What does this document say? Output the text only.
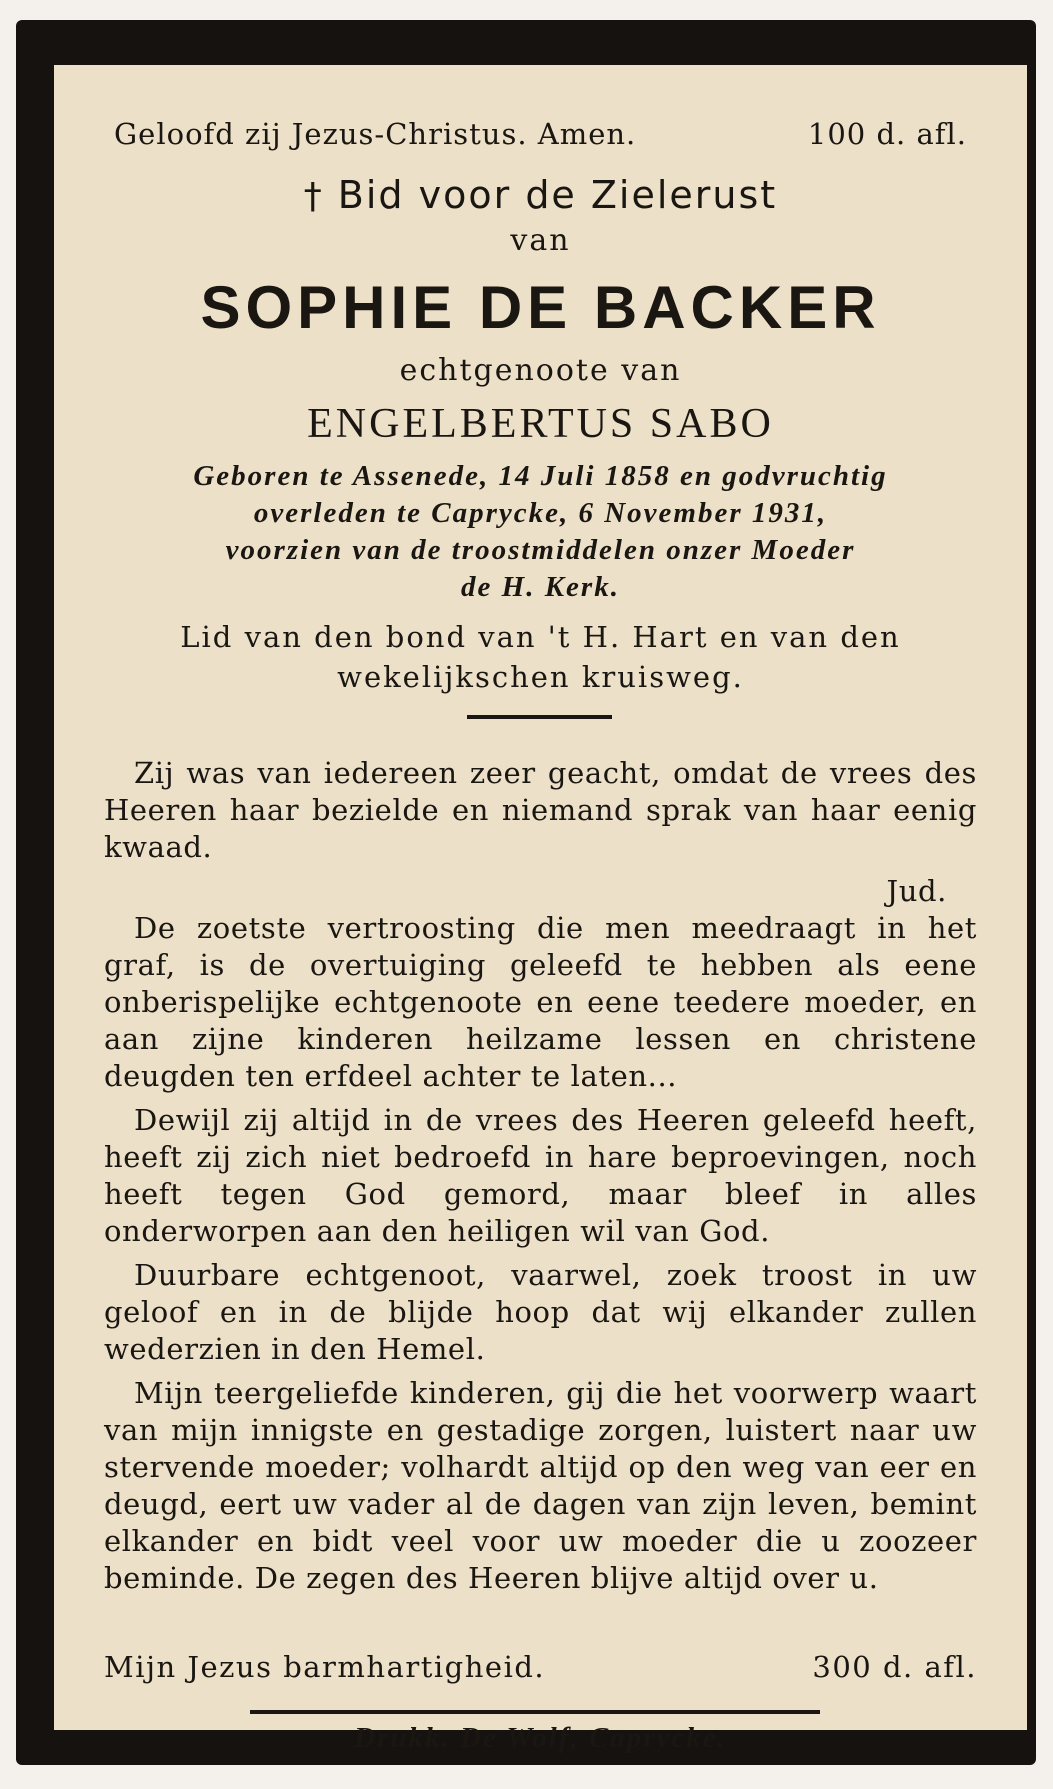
Geloofd zij Jezus-Christus. Amen.	100 d. afl.
† Bid voor de Zielerust
van
SOPHIE DE BACKER
echtgenoote van
ENGELBERTUS SABO
Geboren te Assenede, 14 Juli 1858 en godvruchtig
overleden te Caprycke, 6 November 1931,
voorzien van de troostmiddelen onzer Moeder
de H. Kerk.
Lid van den bond van 't H. Hart en van den
wekelijkschen kruisweg.

Zij was van iedereen zeer geacht, omdat de vrees des Heeren haar bezielde en niemand sprak van haar eenig kwaad.

Jud.

De zoetste vertroosting die men meedraagt in het graf, is de overtuiging geleefd te hebben als eene onberispelijke echtgenoote en eene teedere moeder, en aan zijne kinderen heilzame lessen en christene deugden ten erfdeel achter te laten...

Dewijl zij altijd in de vrees des Heeren geleefd heeft, heeft zij zich niet bedroefd in hare beproevingen, noch heeft tegen God gemord, maar bleef in alles onderworpen aan den heiligen wil van God.

Duurbare echtgenoot, vaarwel, zoek troost in uw geloof en in de blijde hoop dat wij elkander zullen wederzien in den Hemel.

Mijn teergeliefde kinderen, gij die het voorwerp waart van mijn innigste en gestadige zorgen, luistert naar uw stervende moeder; volhardt altijd op den weg van eer en deugd, eert uw vader al de dagen van zijn leven, bemint elkander en bidt veel voor uw moeder die u zoozeer beminde. De zegen des Heeren blijve altijd over u.

Mijn Jezus barmhartigheid.	300 d. afl.
Drukk. De Wolf, Caprycke.
